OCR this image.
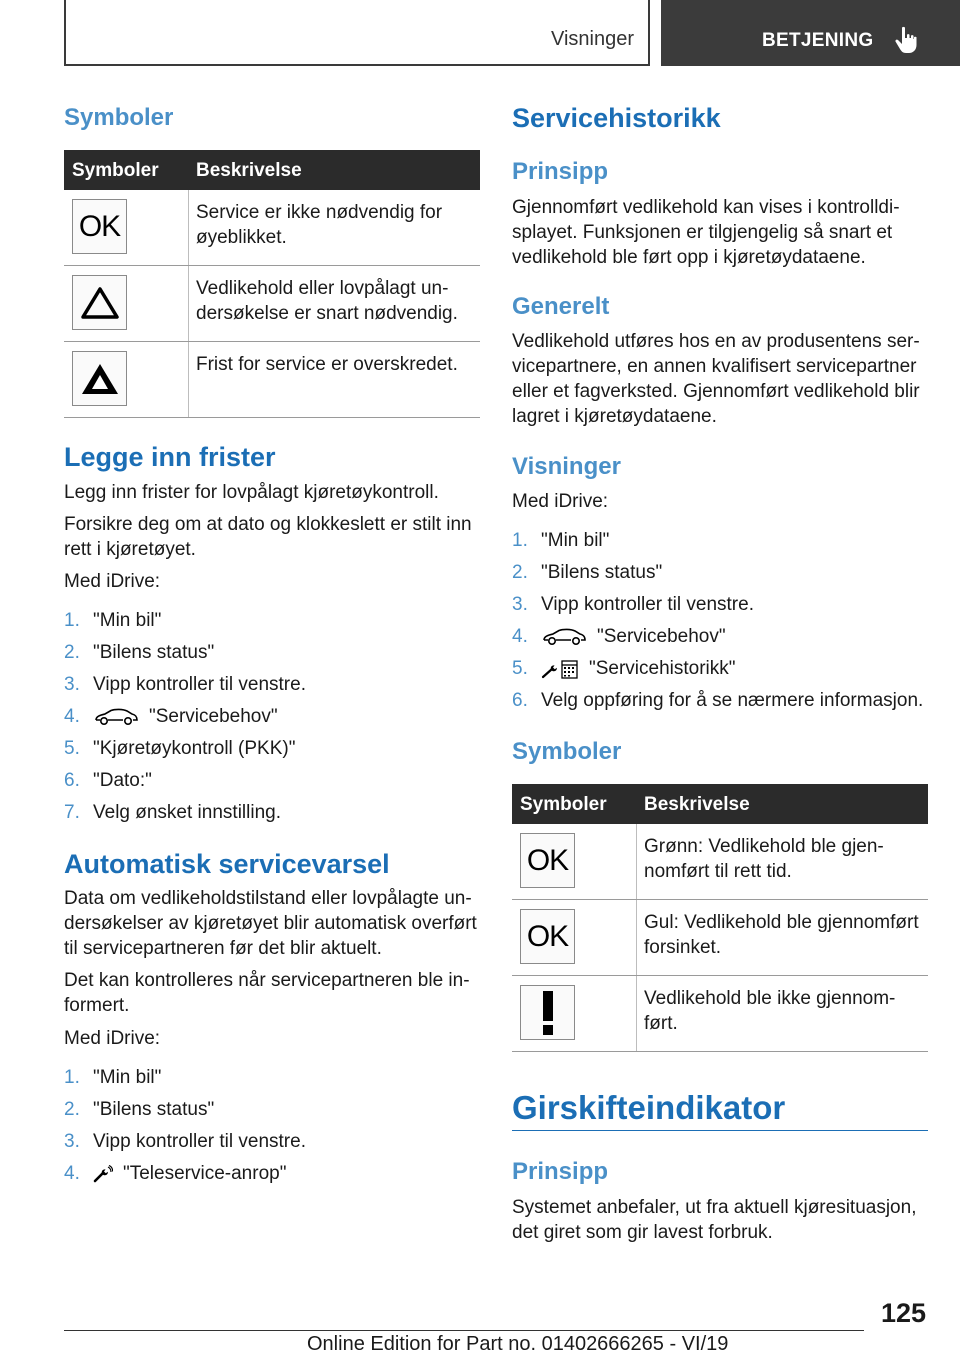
Visninger	BETJENING
Symboler
Symboler Beskrivelse
OK	Service er ikke nødvendig for øyeblikket.
Vedlikehold eller lovpålagt un-dersøkelse er snart nødvendig.
Frist for service er overskredet.
Legge inn frister

Legg inn frister for lovpålagt kjøretøykontroll.

Forsikre deg om at dato og klokkeslett er stilt inn rett i kjøretøyet.

Med iDrive:

1. "Min bil"
2. "Bilens status"
3. Vipp kontroller til venstre.
4.	"Servicebehov"
5. "Kjøretøykontroll (PKK)"
6. "Dato:"
7. Velg ønsket innstilling.
Automatisk servicevarsel

Data om vedlikeholdstilstand eller lovpålagte un-dersøkelser av kjøretøyet blir automatisk overført til servicepartneren før det blir aktuelt.

Det kan kontrolleres når servicepartneren ble in-formert.

Med iDrive:

1. "Min bil"
2. "Bilens status"
3. Vipp kontroller til venstre.
4. "Teleservice-anrop"
Servicehistorikk
Prinsipp

Gjennomført vedlikehold kan vises i kontrolldi-splayet. Funksjonen er tilgjengelig så snart et vedlikehold ble ført opp i kjøretøydataene.

Generelt

Vedlikehold utføres hos en av produsentens ser-vicepartnere, en annen kvalifisert servicepartner eller et fagverksted. Gjennomført vedlikehold blir lagret i kjøretøydataene.

Visninger

Med iDrive:

1. "Min bil"
2. "Bilens status"
3. Vipp kontroller til venstre.
4.	"Servicebehov"
5.	"Servicehistorikk"
6. Velg oppføring for å se nærmere informasjon.
Symboler
Symboler Beskrivelse
OK	Grønn: Vedlikehold ble gjen-nomført til rett tid.
OK	Gul: Vedlikehold ble gjennomført forsinket.
Vedlikehold ble ikke gjennom-ført.
Girskifteindikator
Prinsipp

Systemet anbefaler, ut fra aktuell kjøresituasjon, det giret som gir lavest forbruk.

125
Online Edition for Part no. 01402666265 - VI/19
